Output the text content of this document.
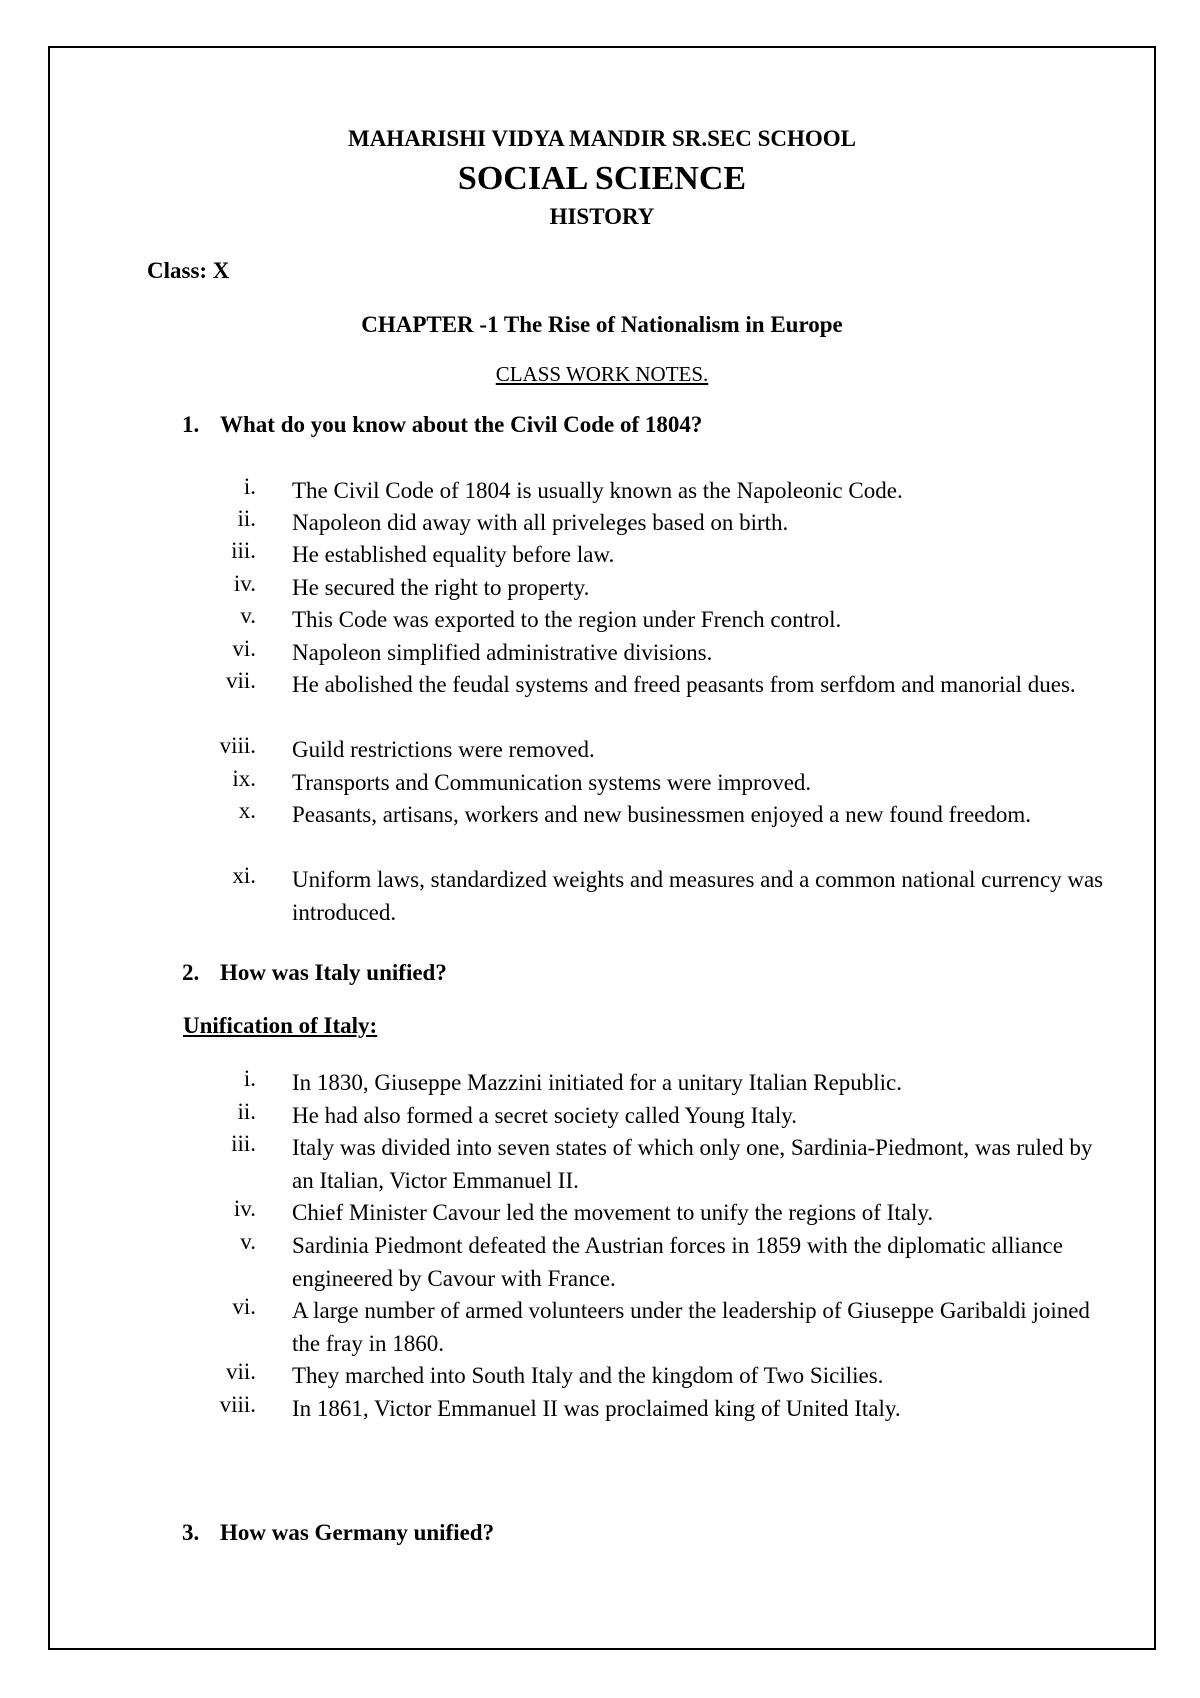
MAHARISHI VIDYA MANDIR SR.SEC SCHOOL
SOCIAL SCIENCE
HISTORY
Class: X
CHAPTER -1 The Rise of Nationalism in Europe
CLASS WORK NOTES.
1. What do you know about the Civil Code of 1804?
i. The Civil Code of 1804 is usually known as the Napoleonic Code.
ii. Napoleon did away with all priveleges based on birth.
iii. He established equality before law.
iv. He secured the right to property.
v. This Code was exported to the region under French control.
vi. Napoleon simplified administrative divisions.
vii. He abolished the feudal systems and freed peasants from serfdom and manorial dues.
viii. Guild restrictions were removed.
ix. Transports and Communication systems were improved.
x. Peasants, artisans, workers and new businessmen enjoyed a new found freedom.
xi. Uniform laws, standardized weights and measures and a common national currency was introduced.
2. How was Italy unified?
Unification of Italy:
i. In 1830, Giuseppe Mazzini initiated for a unitary Italian Republic.
ii. He had also formed a secret society called Young Italy.
iii. Italy was divided into seven states of which only one, Sardinia-Piedmont, was ruled by an Italian, Victor Emmanuel II.
iv. Chief Minister Cavour led the movement to unify the regions of Italy.
v. Sardinia Piedmont defeated the Austrian forces in 1859 with the diplomatic alliance engineered by Cavour with France.
vi. A large number of armed volunteers under the leadership of Giuseppe Garibaldi joined the fray in 1860.
vii. They marched into South Italy and the kingdom of Two Sicilies.
viii. In 1861, Victor Emmanuel II was proclaimed king of United Italy.
3. How was Germany unified?
